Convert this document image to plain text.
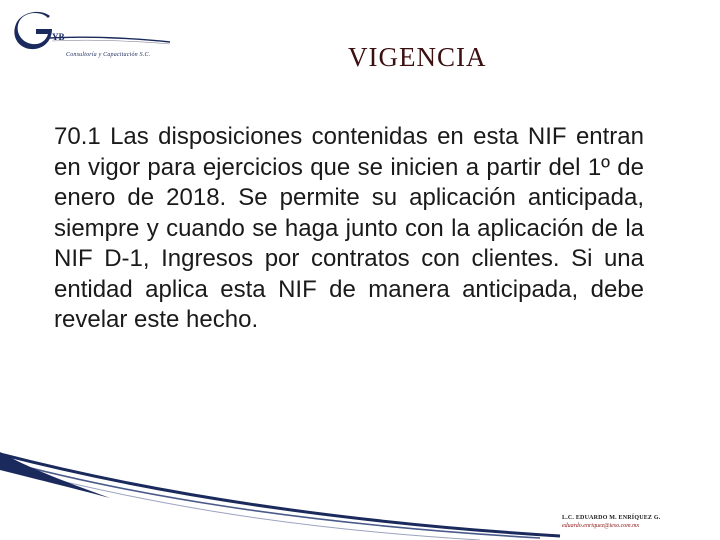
YB
Consultoría y Capacitación S.C.	VIGENCIA

70.1 Las disposiciones contenidas en esta NIF entran en vigor para ejercicios que se inicien a partir del 1º de enero de 2018. Se permite su aplicación anticipada, siempre y cuando se haga junto con la aplicación de la NIF D-1, Ingresos por contratos con clientes. Si una entidad aplica esta NIF de manera anticipada, debe revelar este hecho.

L.C. EDUARDO M. ENRÍQUEZ G.
eduardo.enriquez@ieso.com.mx
